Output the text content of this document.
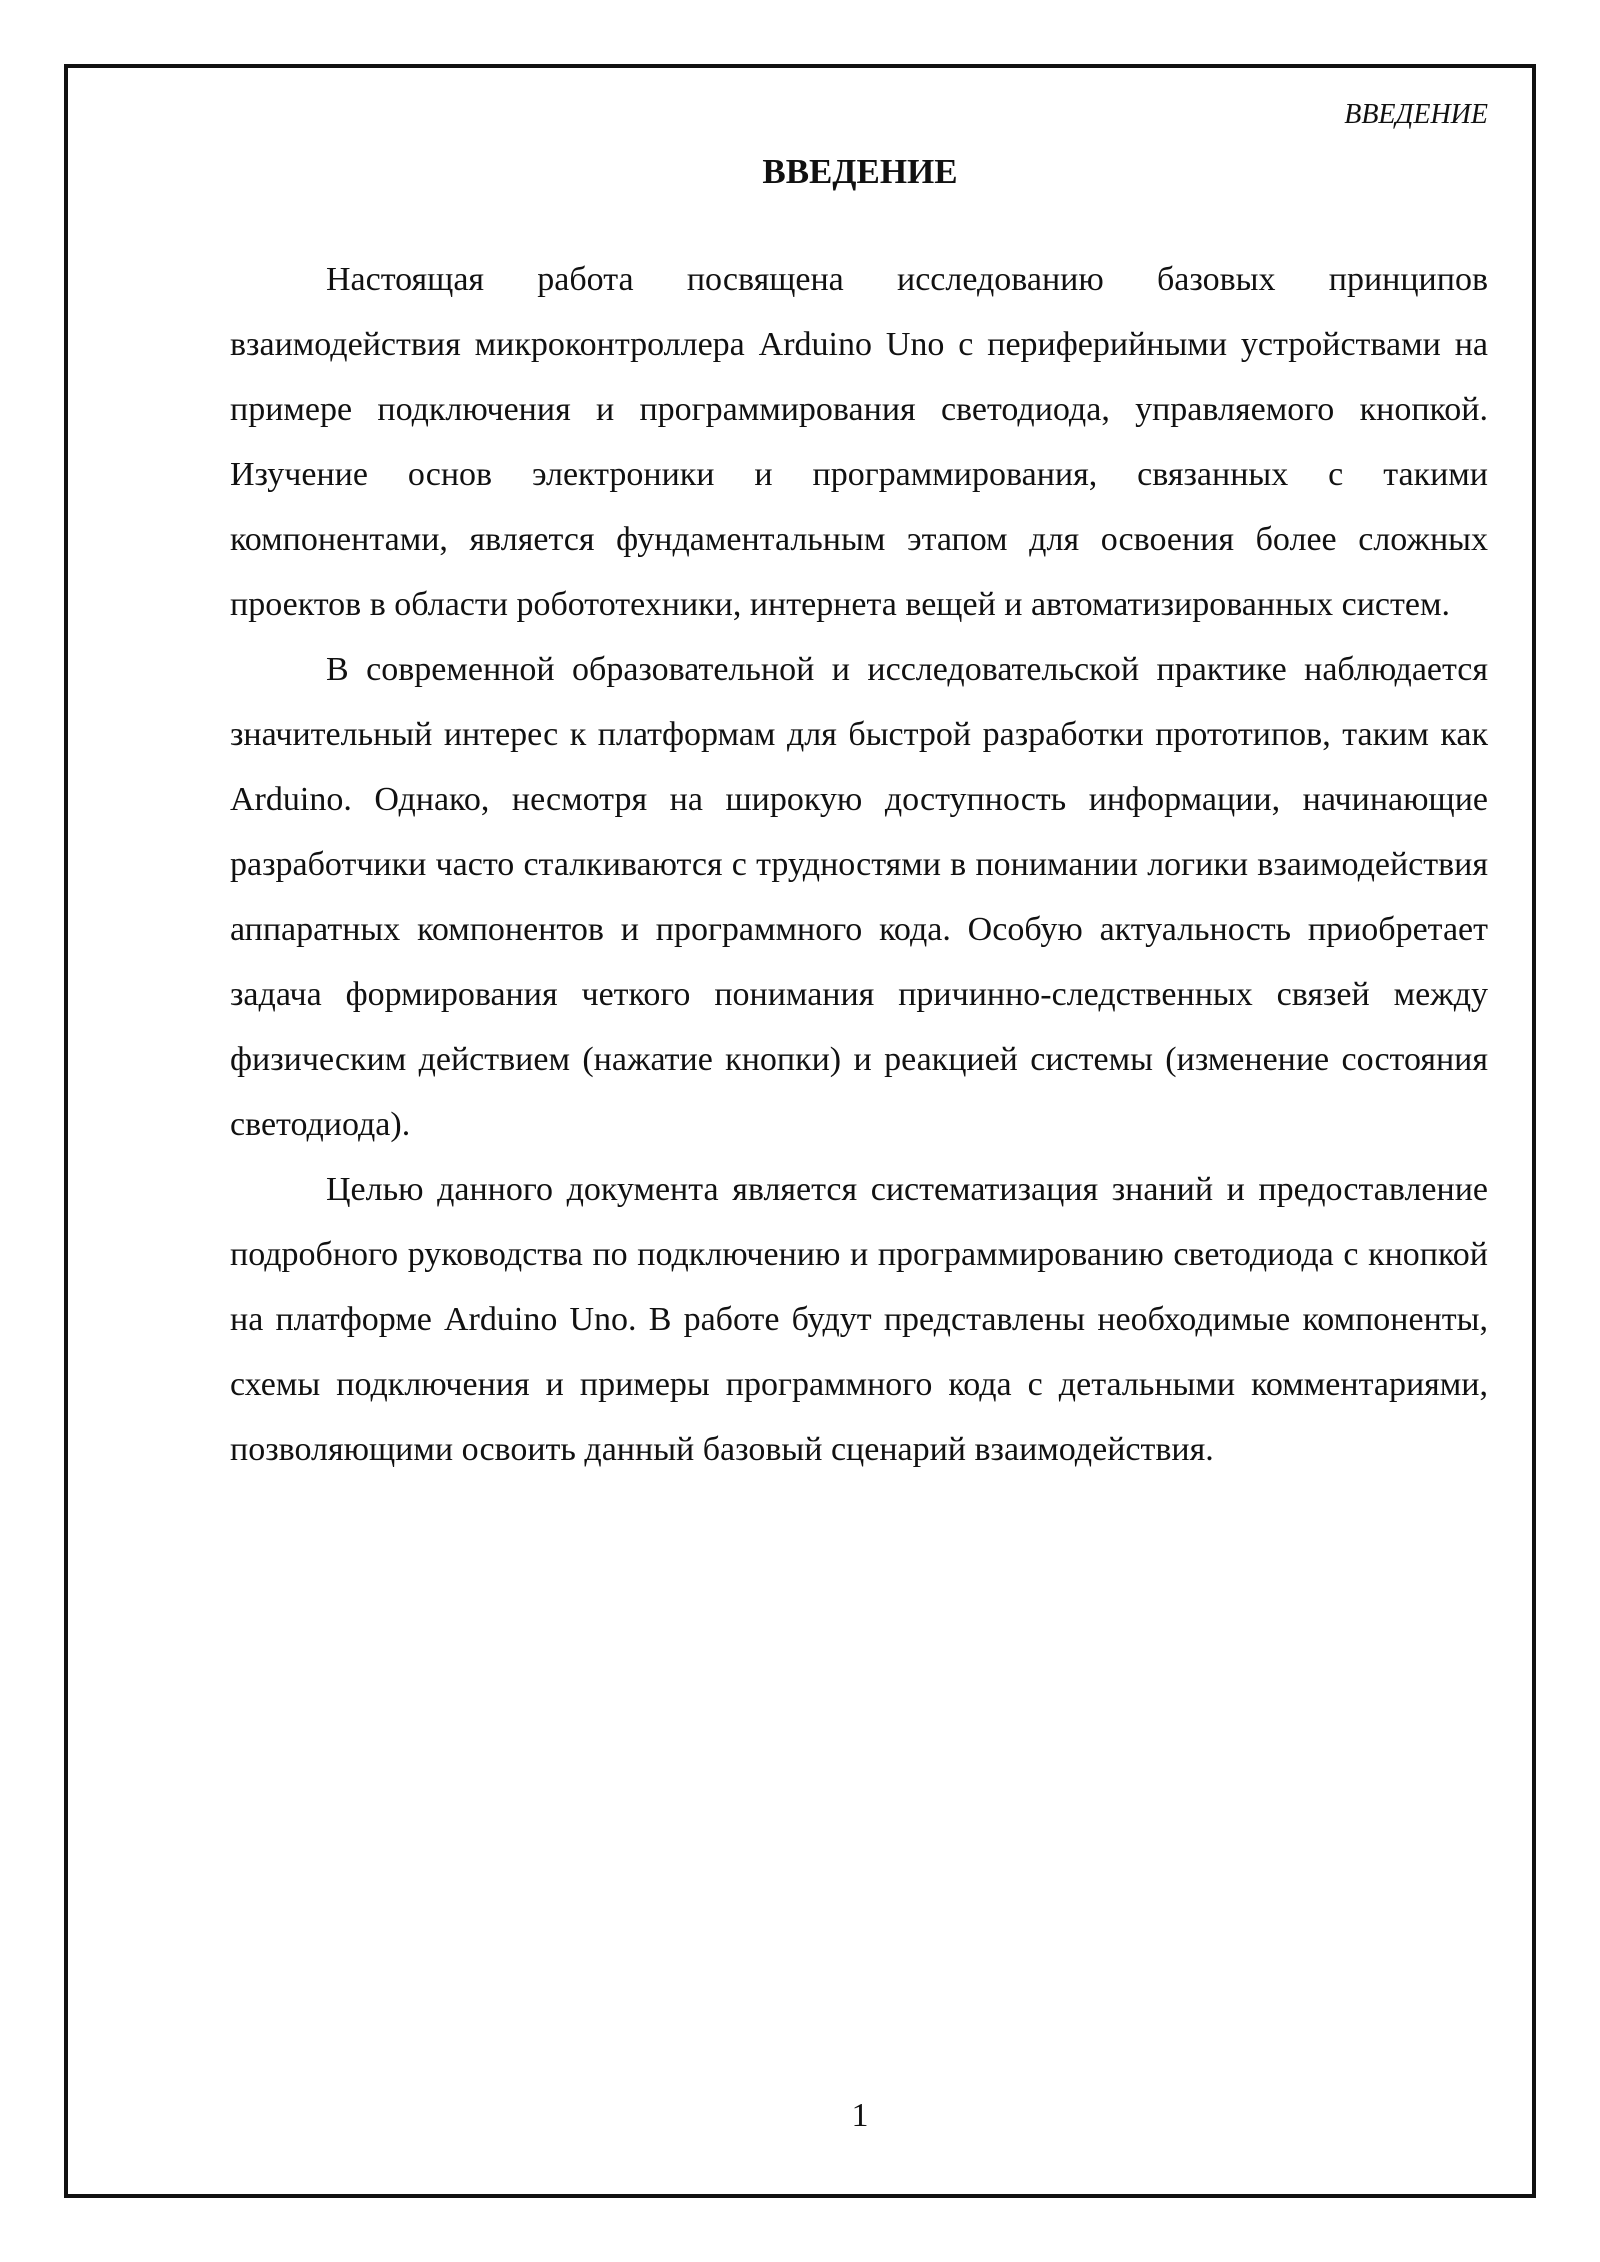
ВВЕДЕНИЕ

ВВЕДЕНИЕ

Настоящая работа посвящена исследованию базовых принципов взаимодействия микроконтроллера Arduino Uno с периферийными устройствами на примере подключения и программирования светодиода, управляемого кнопкой. Изучение основ электроники и программирования, связанных с такими компонентами, является фундаментальным этапом для освоения более сложных проектов в области робототехники, интернета вещей и автоматизированных систем.

В современной образовательной и исследовательской практике наблюдается значительный интерес к платформам для быстрой разработки прототипов, таким как Arduino. Однако, несмотря на широкую доступность информации, начинающие разработчики часто сталкиваются с трудностями в понимании логики взаимодействия аппаратных компонентов и программного кода. Особую актуальность приобретает задача формирования четкого понимания причинно-следственных связей между физическим действием (нажатие кнопки) и реакцией системы (изменение состояния светодиода).

Целью данного документа является систематизация знаний и предоставление подробного руководства по подключению и программированию светодиода с кнопкой на платформе Arduino Uno. В работе будут представлены необходимые компоненты, схемы подключения и примеры программного кода с детальными комментариями, позволяющими освоить данный базовый сценарий взаимодействия.

1
